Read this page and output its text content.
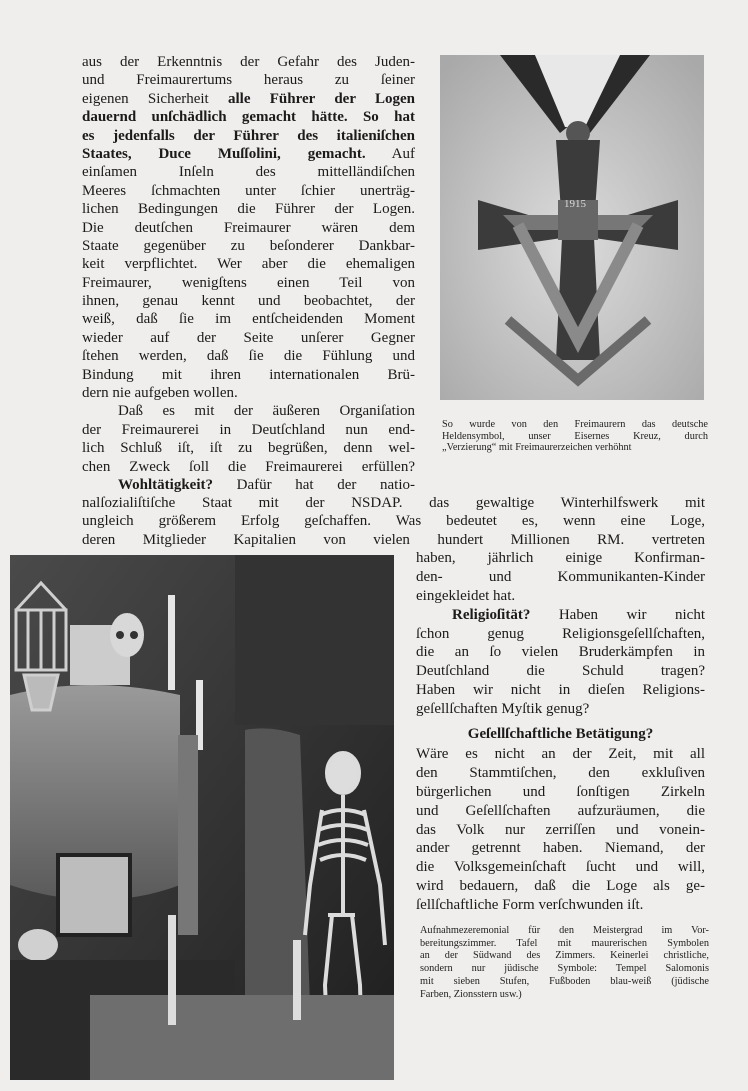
aus der Erkenntnis der Gefahr des Juden-
und Freimaurertums heraus zu ſeiner
eigenen Sicherheit alle Führer der Logen
dauernd unſchädlich gemacht hätte. So hat
es jedenfalls der Führer des italieniſchen
Staates, Duce Muſſolini, gemacht. Auf
einſamen Inſeln des mittelländiſchen
Meeres ſchmachten unter ſchier unerträg-
lichen Bedingungen die Führer der Logen.
Die deutſchen Freimaurer wären dem
Staate gegenüber zu beſonderer Dankbar-
keit verpflichtet. Wer aber die ehemaligen
Freimaurer, wenigſtens einen Teil von
ihnen, genau kennt und beobachtet, der
weiß, daß ſie im entſcheidenden Moment
wieder auf der Seite unſerer Gegner
ſtehen werden, daß ſie die Fühlung und
Bindung mit ihren internationalen Brü-
dern nie aufgeben wollen.
Daß es mit der äußeren Organiſation
der Freimaurerei in Deutſchland nun end-
lich Schluß iſt, iſt zu begrüßen, denn wel-
chen Zweck ſoll die Freimaurerei erfüllen?
Wohltätigkeit? Dafür hat der natio-
nalſozialiſtiſche Staat mit der NSDAP. das gewaltige Winterhilfswerk mit
ungleich größerem Erfolg geſchaffen. Was bedeutet es, wenn eine Loge,
deren Mitglieder Kapitalien von vielen hundert Millionen RM. vertreten
haben, jährlich einige Konfirman-
den- und Kommunikanten-Kinder
eingekleidet hat.
Religioſität? Haben wir nicht
ſchon genug Religionsgeſellſchaften,
die an ſo vielen Bruderkämpfen in
Deutſchland die Schuld tragen?
Haben wir nicht in dieſen Religions-
geſellſchaften Myſtik genug?
Geſellſchaftliche Betätigung?
Wäre es nicht an der Zeit, mit all
den Stammtiſchen, den exkluſiven
bürgerlichen und ſonſtigen Zirkeln
und Geſellſchaften aufzuräumen, die
das Volk nur zerriſſen und vonein-
ander getrennt haben. Niemand, der
die Volksgemeinſchaft ſucht und will,
wird bedauern, daß die Loge als ge-
ſellſchaftliche Form verſchwunden iſt.
1915
So wurde von den Freimaurern das deutsche
Heldensymbol, unser Eisernes Kreuz, durch
„Verzierung“ mit Freimaurerzeichen verhöhnt
Aufnahmezeremonial für den Meistergrad im Vor-
bereitungszimmer. Tafel mit maurerischen Symbolen
an der Südwand des Zimmers. Keinerlei christliche,
sondern nur jüdische Symbole: Tempel Salomonis
mit sieben Stufen, Fußboden blau-weiß (jüdische
Farben, Zionsstern usw.)
